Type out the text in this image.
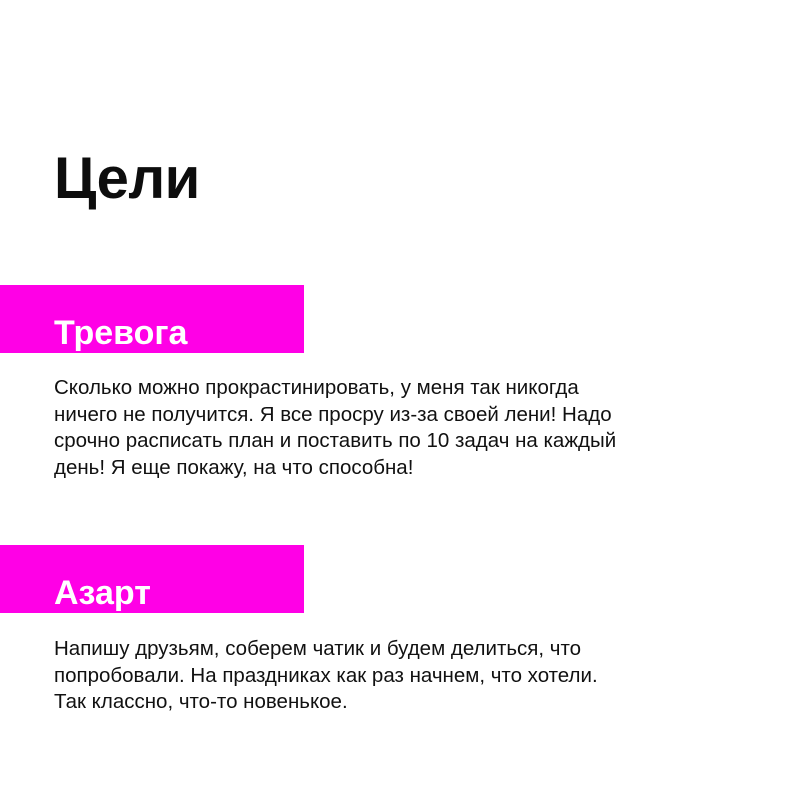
Цели
Тревога

Сколько можно прокрастинировать, у меня так никогда
ничего не получится. Я все просру из-за своей лени! Надо
срочно расписать план и поставить по 10 задач на каждый
день! Я еще покажу, на что способна!

Азарт

Напишу друзьям, соберем чатик и будем делиться, что
попробовали. На праздниках как раз начнем, что хотели.
Так классно, что-то новенькое.
